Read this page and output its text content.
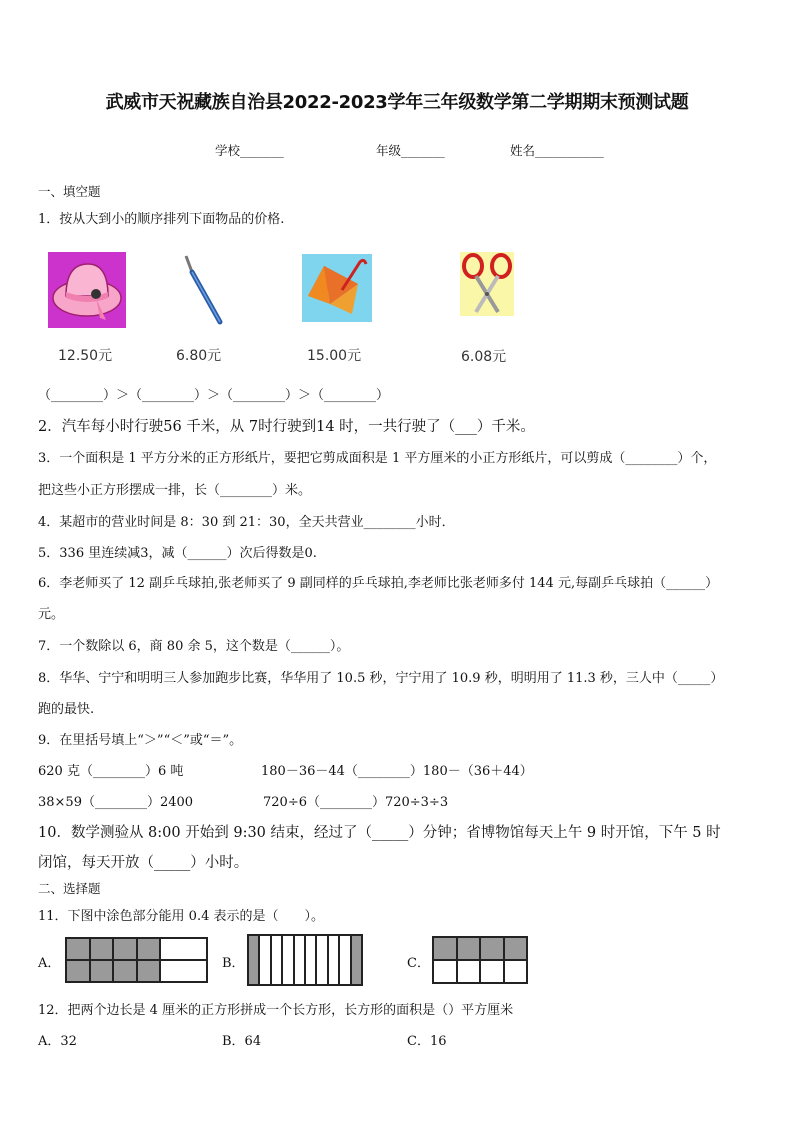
武威市天祝藏族自治县2022-2023学年三年级数学第二学期期末预测试题
学校_______	年级_______	姓名___________
一、填空题
1．按从大到小的顺序排列下面物品的价格.
12.50元	6.80元	15.00元	6.08元
（________）＞（________）＞（________）＞（________）
2．汽车每小时行驶56 千米，从 7时行驶到14 时，一共行驶了（___）千米。
3．一个面积是 1 平方分米的正方形纸片，要把它剪成面积是 1 平方厘米的小正方形纸片，可以剪成（________）个，
把这些小正方形摆成一排，长（________）米。
4．某超市的营业时间是 8：30 到 21：30，全天共营业________小时．
5．336 里连续减3，减（______）次后得数是0.
6．李老师买了 12 副乒乓球拍,张老师买了 9 副同样的乒乓球拍,李老师比张老师多付 144 元,每副乒乓球拍（______）
元。
7．一个数除以 6，商 80 余 5，这个数是（______）。
8．华华、宁宁和明明三人参加跑步比赛，华华用了 10.5 秒，宁宁用了 10.9 秒，明明用了 11.3 秒，三人中（_____）
跑的最快.
9．在里括号填上“＞”“＜”或“＝”。
620 克（________）6 吨	180－36－44（________）180－（36＋44）
38×59（________）2400	720÷6（________）720÷3÷3
10．数学测验从 8:00 开始到 9:30 结束，经过了（_____）分钟；省博物馆每天上午 9 时开馆，下午 5 时
闭馆，每天开放（_____）小时。
二、选择题
11．下图中涂色部分能用 0.4 表示的是（　　）。
A．	B．	C．
12．把两个边长是 4 厘米的正方形拼成一个长方形，长方形的面积是（）平方厘米
A．32	B．64	C．16
